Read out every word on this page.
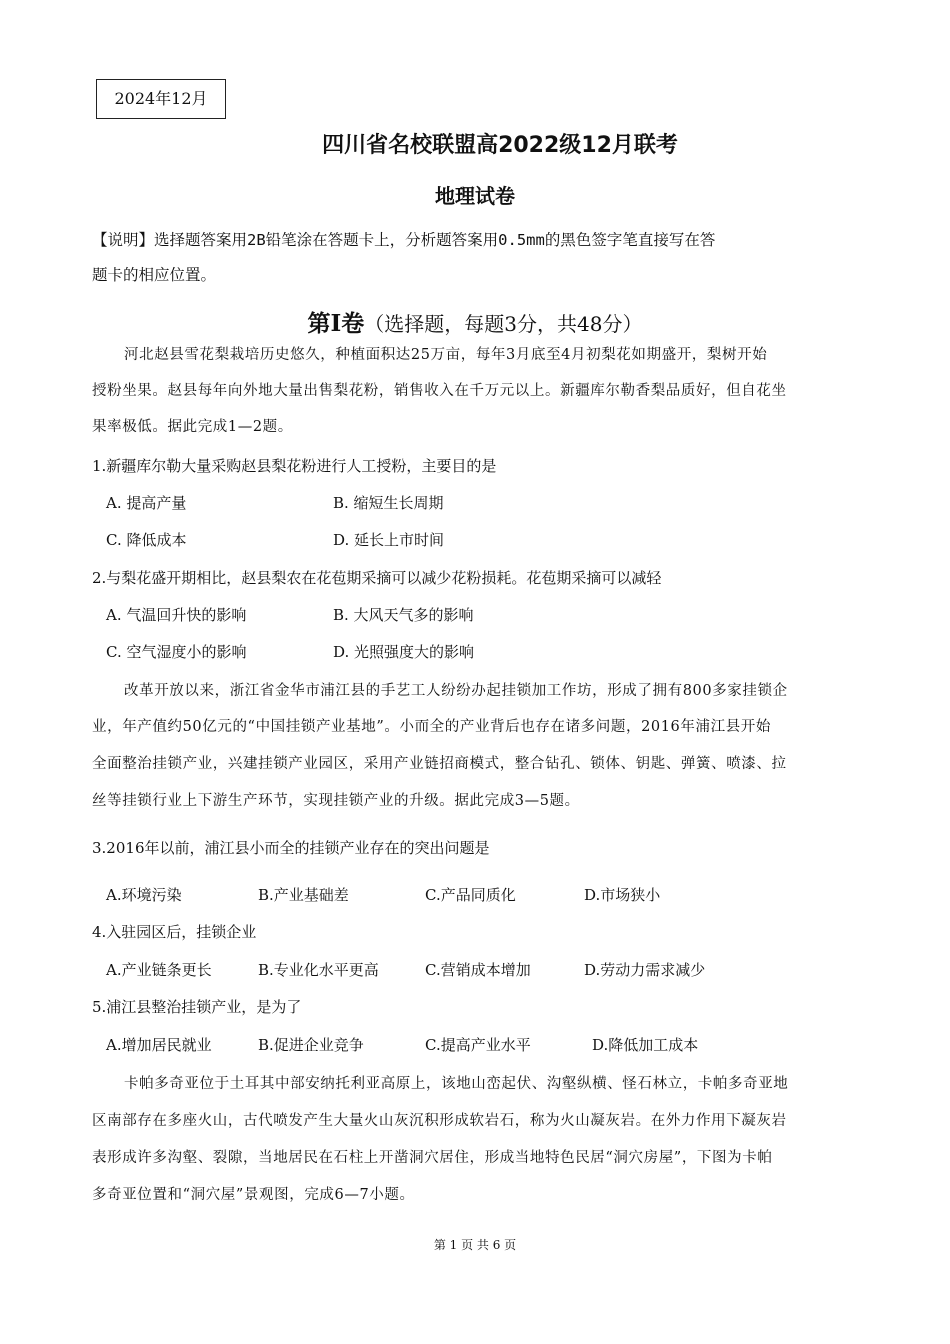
2024年12月
四川省名校联盟高2022级12月联考
地理试卷
【说明】选择题答案用2B铅笔涂在答题卡上，分析题答案用0.5mm的黑色签字笔直接写在答
题卡的相应位置。
第Ⅰ卷（选择题，每题3分，共48分）
河北赵县雪花梨栽培历史悠久，种植面积达25万亩，每年3月底至4月初梨花如期盛开，梨树开始
授粉坐果。赵县每年向外地大量出售梨花粉，销售收入在千万元以上。新疆库尔勒香梨品质好，但自花坐
果率极低。据此完成1—2题。
1.新疆库尔勒大量采购赵县梨花粉进行人工授粉，主要目的是
A. 提高产量	B. 缩短生长周期
C. 降低成本	D. 延长上市时间
2.与梨花盛开期相比，赵县梨农在花苞期采摘可以减少花粉损耗。花苞期采摘可以减轻
A. 气温回升快的影响	B. 大风天气多的影响
C. 空气湿度小的影响	D. 光照强度大的影响
改革开放以来，浙江省金华市浦江县的手艺工人纷纷办起挂锁加工作坊，形成了拥有800多家挂锁企
业，年产值约50亿元的“中国挂锁产业基地”。小而全的产业背后也存在诸多问题，2016年浦江县开始
全面整治挂锁产业，兴建挂锁产业园区，采用产业链招商模式，整合钻孔、锁体、钥匙、弹簧、喷漆、拉
丝等挂锁行业上下游生产环节，实现挂锁产业的升级。据此完成3—5题。
3.2016年以前，浦江县小而全的挂锁产业存在的突出问题是
A.环境污染	B.产业基础差	C.产品同质化	D.市场狭小
4.入驻园区后，挂锁企业
A.产业链条更长	B.专业化水平更高	C.营销成本增加	D.劳动力需求减少
5.浦江县整治挂锁产业，是为了
A.增加居民就业	B.促进企业竞争	C.提高产业水平	D.降低加工成本
卡帕多奇亚位于土耳其中部安纳托利亚高原上，该地山峦起伏、沟壑纵横、怪石林立，卡帕多奇亚地
区南部存在多座火山，古代喷发产生大量火山灰沉积形成软岩石，称为火山凝灰岩。在外力作用下凝灰岩
表形成许多沟壑、裂隙，当地居民在石柱上开凿洞穴居住，形成当地特色民居“洞穴房屋”，下图为卡帕
多奇亚位置和“洞穴屋”景观图，完成6—7小题。
第 1 页 共 6 页
